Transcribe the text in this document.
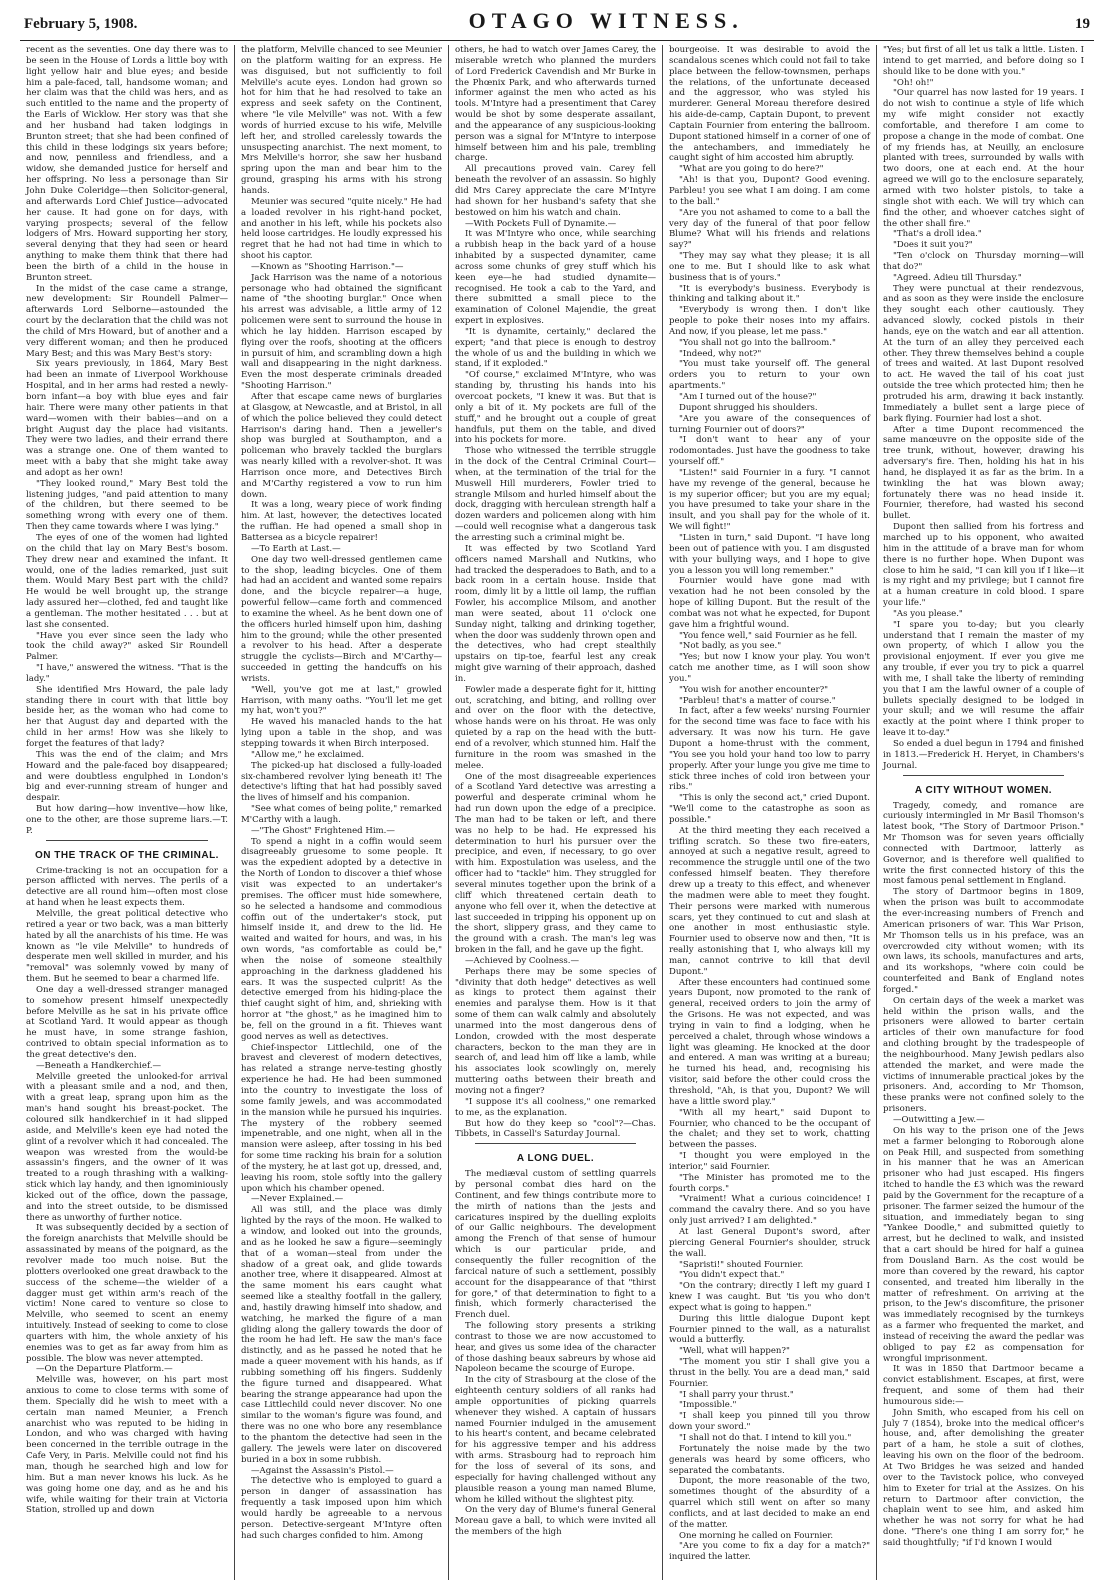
February 5, 1908.	OTAGO WITNESS.	19

recent as the seventies. One day there was to be seen in the House of Lords a little boy with light yellow hair and blue eyes; and beside him a pale-faced, tall, handsome woman; and her claim was that the child was hers, and as such entitled to the name and the property of the Earls of Wicklow. Her story was that she and her husband had taken lodgings in Brunton street; that she had been confined of this child in these lodgings six years before; and now, penniless and friendless, and a widow, she demanded justice for herself and her offspring. No less a personage than Sir John Duke Coleridge—then Solicitor-general, and afterwards Lord Chief Justice—advocated her cause. It had gone on for days, with varying prospects; several of the fellow lodgers of Mrs. Howard supporting her story, several denying that they had seen or heard anything to make them think that there had been the birth of a child in the house in Brunton street.

In the midst of the case came a strange, new development: Sir Roundell Palmer—afterwards Lord Selborne—astounded the court by the declaration that the child was not the child of Mrs Howard, but of another and a very different woman; and then he produced Mary Best; and this was Mary Best's story:

Six years previously, in 1864, Mary Best had been an inmate of Liverpool Workhouse Hospital, and in her arms had rested a newly-born infant—a boy with blue eyes and fair hair. There were many other patients in that ward—women with their babies—and on a bright August day the place had visitants. They were two ladies, and their errand there was a strange one. One of them wanted to meet with a baby that she might take away and adopt as her own!

"They looked round," Mary Best told the listening judges, "and paid attention to many of the children, but there seemed to be something wrong with every one of them. Then they came towards where I was lying."

The eyes of one of the women had lighted on the child that lay on Mary Best's bosom. They drew near and examined the infant. It would, one of the ladies remarked, just suit them. Would Mary Best part with the child? He would be well brought up, the strange lady assured her—clothed, fed and taught like a gentleman. The mother hesitated . . . but at last she consented.

"Have you ever since seen the lady who took the child away?" asked Sir Roundell Palmer.

"I have," answered the witness. "That is the lady."

She identified Mrs Howard, the pale lady standing there in court with that little boy beside her, as the woman who had come to her that August day and departed with the child in her arms! How was she likely to forget the features of that lady?

This was the end of the claim; and Mrs Howard and the pale-faced boy disappeared; and were doubtless engulphed in London's big and ever-running stream of hunger and despair.

But how daring—how inventive—how like, one to the other, are those supreme liars.—T. P.

ON THE TRACK OF THE CRIMINAL.

Crime-tracking is not an occupation for a person afflicted with nerves. The perils of a detective are all round him—often most close at hand when he least expects them.

Melville, the great political detective who retired a year or two back, was a man bitterly hated by all the anarchists of his time. He was known as "le vile Melville" to hundreds of desperate men well skilled in murder, and his "removal" was solemnly vowed by many of them. But he seemed to bear a charmed life.

One day a well-dressed stranger managed to somehow present himself unexpectedly before Melville as he sat in his private office at Scotland Yard. It would appear as though he must have, in some strange fashion, contrived to obtain special information as to the great detective's den.

—Beneath a Handkerchief.—

Melville greeted the unlooked-for arrival with a pleasant smile and a nod, and then, with a great leap, sprang upon him as the man's hand sought his breast-pocket. The coloured silk handkerchief in it had slipped aside, and Melville's keen eye had noted the glint of a revolver which it had concealed. The weapon was wrested from the would-be assassin's fingers, and the owner of it was treated to a rough thrashing with a walking-stick which lay handy, and then ignominiously kicked out of the office, down the passage, and into the street outside, to be dismissed there as unworthy of further notice.

It was subsequently decided by a section of the foreign anarchists that Melville should be assassinated by means of the poignard, as the revolver made too much noise. But the plotters overlooked one great drawback to the success of the scheme—the wielder of a dagger must get within arm's reach of the victim! None cared to venture so close to Melville, who seemed to scent an enemy intuitively. Instead of seeking to come to close quarters with him, the whole anxiety of his enemies was to get as far away from him as possible. The blow was never attempted.

—On the Departure Platform.—

Melville was, however, on his part most anxious to come to close terms with some of them. Specially did he wish to meet with a certain man named Meunier, a French anarchist who was reputed to be hiding in London, and who was charged with having been concerned in the terrible outrage in the Cafe Very, in Paris. Melville could not find his man, though he searched high and low for him. But a man never knows his luck. As he was going home one day, and as he and his wife, while waiting for their train at Victoria Station, strolled up and down

the platform, Melville chanced to see Meunier on the platform waiting for an express. He was disguised, but not sufficiently to foil Melville's acute eyes. London had grown so hot for him that he had resolved to take an express and seek safety on the Continent, where "le vile Melville" was not. With a few words of hurried excuse to his wife, Melville left her, and strolled carelessly towards the unsuspecting anarchist. The next moment, to Mrs Melville's horror, she saw her husband spring upon the man and bear him to the ground, grasping his arms with his strong hands.

Meunier was secured "quite nicely." He had a loaded revolver in his right-hand pocket, and another in his left, while his pockets also held loose cartridges. He loudly expressed his regret that he had not had time in which to shoot his captor.

—Known as "Shooting Harrison."—

Jack Harrison was the name of a notorious personage who had obtained the significant name of "the shooting burglar." Once when his arrest was advisable, a little army of 12 policemen were sent to surround the house in which he lay hidden. Harrison escaped by flying over the roofs, shooting at the officers in pursuit of him, and scrambling down a high wall and disappearing in the night darkness. Even the most desperate criminals dreaded "Shooting Harrison."

After that escape came news of burglaries at Glasgow, at Newcastle, and at Bristol, in all of which the police believed they could detect Harrison's daring hand. Then a jeweller's shop was burgled at Southampton, and a policeman who bravely tackled the burglars was nearly killed with a revolver-shot. It was Harrison once more, and Detectives Birch and M'Carthy registered a vow to run him down.

It was a long, weary piece of work finding him. At last, however, the detectives located the ruffian. He had opened a small shop in Battersea as a bicycle repairer!

—To Earth at Last.—

One day two well-dressed gentlemen came to the shop, leading bicycles. One of them had had an accident and wanted some repairs done, and the bicycle repairer—a huge, powerful fellow—came forth and commenced to examine the wheel. As he bent down one of the officers hurled himself upon him, dashing him to the ground; while the other presented a revolver to his head. After a desperate struggle the cyclists—Birch and M'Carthy—succeeded in getting the handcuffs on his wrists.

"Well, you've got me at last," growled Harrison, with many oaths. "You'll let me get my hat, won't you?"

He waved his manacled hands to the hat lying upon a table in the shop, and was stepping towards it when Birch interposed.

"Allow me," he exclaimed.

The picked-up hat disclosed a fully-loaded six-chambered revolver lying beneath it! The detective's lifting that hat had possibly saved the lives of himself and his companion.

"See what comes of being polite," remarked M'Carthy with a laugh.

—"The Ghost" Frightened Him.—

To spend a night in a coffin would seem disagreeably gruesome to some people. It was the expedient adopted by a detective in the North of London to discover a thief whose visit was expected to an undertaker's premises. The officer must hide somewhere, so he selected a handsome and commodious coffin out of the undertaker's stock, put himself inside it, and drew to the lid. He waited and waited for hours, and was, in his own words, "as comfortable as could be," when the noise of someone stealthily approaching in the darkness gladdened his ears. It was the suspected culprit! As the detective emerged from his hiding-place the thief caught sight of him, and, shrieking with horror at "the ghost," as he imagined him to be, fell on the ground in a fit. Thieves want good nerves as well as detectives.

Chief-inspector Littlechild, one of the bravest and cleverest of modern detectives, has related a strange nerve-testing ghostly experience he had. He had been summoned into the country to investigate the loss of some family jewels, and was accommodated in the mansion while he pursued his inquiries. The mystery of the robbery seemed impenetrable, and one night, when all in the mansion were asleep, after tossing in his bed for some time racking his brain for a solution of the mystery, he at last got up, dressed, and, leaving his room, stole softly into the gallery upon which his chamber opened.

—Never Explained.—

All was still, and the place was dimly lighted by the rays of the moon. He walked to a window, and looked out into the grounds, and as he looked he saw a figure—seemingly that of a woman—steal from under the shadow of a great oak, and glide towards another tree, where it disappeared. Almost at the same moment his ears caught what seemed like a stealthy footfall in the gallery, and, hastily drawing himself into shadow, and watching, he marked the figure of a man gliding along the gallery towards the door of the room he had left. He saw the man's face distinctly, and as he passed he noted that he made a queer movement with his hands, as if rubbing something off his fingers. Suddenly the figure turned and disappeared. What bearing the strange appearance had upon the case Littlechild could never discover. No one similar to the woman's figure was found, and there was no one who bore any resemblance to the phantom the detective had seen in the gallery. The jewels were later on discovered buried in a box in some rubbish.

—Against the Assassin's Pistol.—

The detective who is employed to guard a person in danger of assassination has frequently a task imposed upon him which would hardly be agreeable to a nervous person. Detective-sergeant M'Intyre often had such charges confided to him. Among

others, he had to watch over James Carey, the miserable wretch who planned the murders of Lord Frederick Cavendish and Mr Burke in the Phœnix Park, and who afterwards turned informer against the men who acted as his tools. M'Intyre had a presentiment that Carey would be shot by some desperate assailant, and the appearance of any suspicious-looking person was a signal for M'Intyre to interpose himself between him and his pale, trembling charge.

All precautions proved vain. Carey fell beneath the revolver of an assassin. So highly did Mrs Carey appreciate the care M'Intyre had shown for her husband's safety that she bestowed on him his watch and chain.

—With Pockets Full of Dynamite.—

It was M'Intyre who once, while searching a rubbish heap in the back yard of a house inhabited by a suspected dynamiter, came across some chunks of grey stuff which his keen eye—he had studied dynamite—recognised. He took a cab to the Yard, and there submitted a small piece to the examination of Colonel Majendie, the great expert in explosives.

"It is dynamite, certainly," declared the expert; "and that piece is enough to destroy the whole of us and the building in which we stand, if it exploded."

"Of course," exclaimed M'Intyre, who was standing by, thrusting his hands into his overcoat pockets, "I knew it was. But that is only a bit of it. My pockets are full of the stuff," and he brought out a couple of great handfuls, put them on the table, and dived into his pockets for more.

Those who witnessed the terrible struggle in the dock of the Central Criminal Court—when, at the termination of the trial for the Muswell Hill murderers, Fowler tried to strangle Milsom and hurled himself about the dock, dragging with herculean strength half a dozen warders and policemen along with him—could well recognise what a dangerous task the arresting such a criminal might be.

It was effected by two Scotland Yard officers named Marshall and Nutkins, who had tracked the desperadoes to Bath, and to a back room in a certain house. Inside that room, dimly lit by a little oil lamp, the ruffian Fowler, his accomplice Milsom, and another man were seated, about 11 o'clock one Sunday night, talking and drinking together, when the door was suddenly thrown open and the detectives, who had crept stealthily upstairs on tip-toe, fearful lest any creak might give warning of their approach, dashed in.

Fowler made a desperate fight for it, hitting out, scratching, and biting, and rolling over and over on the floor with the detective, whose hands were on his throat. He was only quieted by a rap on the head with the butt-end of a revolver, which stunned him. Half the furniture in the room was smashed in the melee.

One of the most disagreeable experiences of a Scotland Yard detective was arresting a powerful and desperate criminal whom he had run down upon the edge of a precipice. The man had to be taken or left, and there was no help to be had. He expressed his determination to hurl his pursuer over the precipice, and even, if necessary, to go over with him. Expostulation was useless, and the officer had to "tackle" him. They struggled for several minutes together upon the brink of a cliff which threatened certain death to anyone who fell over it, when the detective at last succeeded in tripping his opponent up on the short, slippery grass, and they came to the ground with a crash. The man's leg was broken in the fall, and he gave up the fight.

—Achieved by Coolness.—

Perhaps there may be some species of "divinity that doth hedge" detectives as well as kings to protect them against their enemies and paralyse them. How is it that some of them can walk calmly and absolutely unarmed into the most dangerous dens of London, crowded with the most desperate characters, beckon to the man they are in search of, and lead him off like a lamb, while his associates look scowlingly on, merely muttering oaths between their breath and moving not a finger?

"I suppose it's all coolness," one remarked to me, as the explanation.

But how do they keep so "cool"?—Chas. Tibbets, in Cassell's Saturday Journal.

A LONG DUEL.

The mediæval custom of settling quarrels by personal combat dies hard on the Continent, and few things contribute more to the mirth of nations than the jests and caricatures inspired by the duelling exploits of our Gallic neighbours. The development among the French of that sense of humour which is our particular pride, and consequently the fuller recognition of the farcical nature of such a settlement, possibly account for the disappearance of that "thirst for gore," of that determination to fight to a finish, which formerly characterised the French duel.

The following story presents a striking contrast to those we are now accustomed to hear, and gives us some idea of the character of those dashing beaux sabreurs by whose aid Napoleon became the scourge of Europe.

In the city of Strasbourg at the close of the eighteenth century soldiers of all ranks had ample opportunities of picking quarrels whenever they wished. A captain of hussars named Fournier indulged in the amusement to his heart's content, and became celebrated for his aggressive temper and his address with arms. Strasbourg had to reproach him for the loss of several of its sons, and especially for having challenged without any plausible reason a young man named Blume, whom he killed without the slightest pity.

On the very day of Blume's funeral General Moreau gave a ball, to which were invited all the members of the high

bourgeoise. It was desirable to avoid the scandalous scenes which could not fail to take place between the fellow-townsmen, perhaps the relations, of the unfortunate deceased and the aggressor, who was styled his murderer. General Moreau therefore desired his aide-de-camp, Captain Dupont, to prevent Captain Fournier from entering the ballroom. Dupont stationed himself in a corner of one of the antechambers, and immediately he caught sight of him accosted him abruptly.

"What are you going to do here?"

"Ah! is that you, Dupont? Good evening. Parbleu! you see what I am doing. I am come to the ball."

"Are you not ashamed to come to a ball the very day of the funeral of that poor fellow Blume? What will his friends and relations say?"

"They may say what they please; it is all one to me. But I should like to ask what business that is of yours."

"It is everybody's business. Everybody is thinking and talking about it."

"Everybody is wrong then. I don't like people to poke their noses into my affairs. And now, if you please, let me pass."

"You shall not go into the ballroom."

"Indeed, why not?"

"You must take yourself off. The general orders you to return to your own apartments."

"Am I turned out of the house?"

Dupont shrugged his shoulders.

"Are you aware of the consequences of turning Fournier out of doors?"

"I don't want to hear any of your rodomontades. Just have the goodness to take yourself off."

"Listen!" said Fournier in a fury. "I cannot have my revenge of the general, because he is my superior officer; but you are my equal; you have presumed to take your share in the insult, and you shall pay for the whole of it. We will fight!"

"Listen in turn," said Dupont. "I have long been out of patience with you. I am disgusted with your bullying ways, and I hope to give you a lesson you will long remember."

Fournier would have gone mad with vexation had he not been consoled by the hope of killing Dupont. But the result of the combat was not what he expected, for Dupont gave him a frightful wound.

"You fence well," said Fournier as he fell.

"Not badly, as you see."

"Yes; but now I know your play. You won't catch me another time, as I will soon show you."

"You wish for another encounter?"

"Parbleu! that's a matter of course."

In fact, after a few weeks' nursing Fournier for the second time was face to face with his adversary. It was now his turn. He gave Dupont a home-thrust with the comment, "You see you hold your hand too low to parry properly. After your lunge you give me time to stick three inches of cold iron between your ribs."

"This is only the second act," cried Dupont. "We'll come to the catastrophe as soon as possible."

At the third meeting they each received a trifling scratch. So these two fire-eaters, annoyed at such a negative result, agreed to recommence the struggle until one of the two confessed himself beaten. They therefore drew up a treaty to this effect, and whenever the madmen were able to meet they fought. Their persons were marked with numerous scars, yet they continued to cut and slash at one another in most enthusiastic style. Fournier used to observe now and then, "It is really astonishing that I, who always kill my man, cannot contrive to kill that devil Dupont."

After these encounters had continued some years Dupont, now promoted to the rank of general, received orders to join the army of the Grisons. He was not expected, and was trying in vain to find a lodging, when he perceived a chalet, through whose windows a light was gleaming. He knocked at the door and entered. A man was writing at a bureau; he turned his head, and, recognising his visitor, said before the other could cross the threshold, "Ah, is that you, Dupont? We will have a little sword play."

"With all my heart," said Dupont to Fournier, who chanced to be the occupant of the chalet; and they set to work, chatting between the passes.

"I thought you were employed in the interior," said Fournier.

"The Minister has promoted me to the fourth corps."

"Vraiment! What a curious coincidence! I command the cavalry there. And so you have only just arrived? I am delighted."

At last General Dupont's sword, after piercing General Fournier's shoulder, struck the wall.

"Sapristi!" shouted Fournier.

"You didn't expect that."

"On the contrary; directly I left my guard I knew I was caught. But 'tis you who don't expect what is going to happen."

During this little dialogue Dupont kept Fournier pinned to the wall, as a naturalist would a butterfly.

"Well, what will happen?"

"The moment you stir I shall give you a thrust in the belly. You are a dead man," said Fournier.

"I shall parry your thrust."

"Impossible."

"I shall keep you pinned till you throw down your sword."

"I shall not do that. I intend to kill you."

Fortunately the noise made by the two generals was heard by some officers, who separated the combatants.

Dupont, the more reasonable of the two, sometimes thought of the absurdity of a quarrel which still went on after so many conflicts, and at last decided to make an end of the matter.

One morning he called on Fournier.

"Are you come to fix a day for a match?" inquired the latter.

"Yes; but first of all let us talk a little. Listen. I intend to get married, and before doing so I should like to be done with you."

"Oh! oh!"

"Our quarrel has now lasted for 19 years. I do not wish to continue a style of life which my wife might consider not exactly comfortable, and therefore I am come to propose a change in the mode of combat. One of my friends has, at Neuilly, an enclosure planted with trees, surrounded by walls with two doors, one at each end. At the hour agreed we will go to the enclosure separately, armed with two holster pistols, to take a single shot with each. We will try which can find the other, and whoever catches sight of the other shall fire."

"That's a droll idea."

"Does it suit you?"

"Ten o'clock on Thursday morning—will that do?"

"Agreed. Adieu till Thursday."

They were punctual at their rendezvous, and as soon as they were inside the enclosure they sought each other cautiously. They advanced slowly, cocked pistols in their hands, eye on the watch and ear all attention. At the turn of an alley they perceived each other. They threw themselves behind a couple of trees and waited. At last Dupont resolved to act. He waved the tail of his coat just outside the tree which protected him; then he protruded his arm, drawing it back instantly. Immediately a bullet sent a large piece of bark flying. Fournier had lost a shot.

After a time Dupont recommenced the same manœuvre on the opposite side of the tree trunk, without, however, drawing his adversary's fire. Then, holding his hat in his hand, he displayed it as far as the brim. In a twinkling the hat was blown away; fortunately there was no head inside it. Fournier, therefore, had wasted his second bullet.

Dupont then sallied from his fortress and marched up to his opponent, who awaited him in the attitude of a brave man for whom there is no further hope. When Dupont was close to him he said, "I can kill you if I like—it is my right and my privilege; but I cannot fire at a human creature in cold blood. I spare your life."

"As you please."

"I spare you to-day; but you clearly understand that I remain the master of my own property, of which I allow you the provisional enjoyment. If ever you give me any trouble, if ever you try to pick a quarrel with me, I shall take the liberty of reminding you that I am the lawful owner of a couple of bullets specially designed to be lodged in your skull; and we will resume the affair exactly at the point where I think proper to leave it to-day."

So ended a duel begun in 1794 and finished in 1813.—Frederick H. Heryet, in Chambers's Journal.

A CITY WITHOUT WOMEN.

Tragedy, comedy, and romance are curiously intermingled in Mr Basil Thomson's latest book, "The Story of Dartmoor Prison." Mr Thomson was for seven years officially connected with Dartmoor, latterly as Governor, and is therefore well qualified to write the first connected history of this the most famous penal settlement in England.

The story of Dartmoor begins in 1809, when the prison was built to accommodate the ever-increasing numbers of French and American prisoners of war. This War Prison, Mr Thomson tells us in his preface, was an overcrowded city without women; with its own laws, its schools, manufactures and arts, and its workshops, "where coin could be counterfeited and Bank of England notes forged."

On certain days of the week a market was held within the prison walls, and the prisoners were allowed to barter certain articles of their own manufacture for food and clothing brought by the tradespeople of the neighbourhood. Many Jewish pedlars also attended the market, and were made the victims of innumerable practical jokes by the prisoners. And, according to Mr Thomson, these pranks were not confined solely to the prisoners.

—Outwitting a Jew.—

On his way to the prison one of the Jews met a farmer belonging to Roborough alone on Peak Hill, and suspected from something in his manner that he was an American prisoner who had just escaped. His fingers itched to handle the £3 which was the reward paid by the Government for the recapture of a prisoner. The farmer seized the humour of the situation, and immediately began to sing "Yankee Doodle," and submitted quietly to arrest, but he declined to walk, and insisted that a cart should be hired for half a guinea from Dousland Barn. As the cost would be more than covered by the reward, his captor consented, and treated him liberally in the matter of refreshment. On arriving at the prison, to the Jew's discomfiture, the prisoner was immediately recognised by the turnkeys as a farmer who frequented the market, and instead of receiving the award the pedlar was obliged to pay £2 as compensation for wrongful imprisonment.

It was in 1850 that Dartmoor became a convict establishment. Escapes, at first, were frequent, and some of them had their humourous side:—

John Smith, who escaped from his cell on July 7 (1854), broke into the medical officer's house, and, after demolishing the greater part of a ham, he stole a suit of clothes, leaving his own on the floor of the bedroom. At Two Bridges he was seized and handed over to the Tavistock police, who conveyed him to Exeter for trial at the Assizes. On his return to Dartmoor after conviction, the chaplain went to see him, and asked him whether he was not sorry for what he had done. "There's one thing I am sorry for," he said thoughtfully; "if I'd known I would
